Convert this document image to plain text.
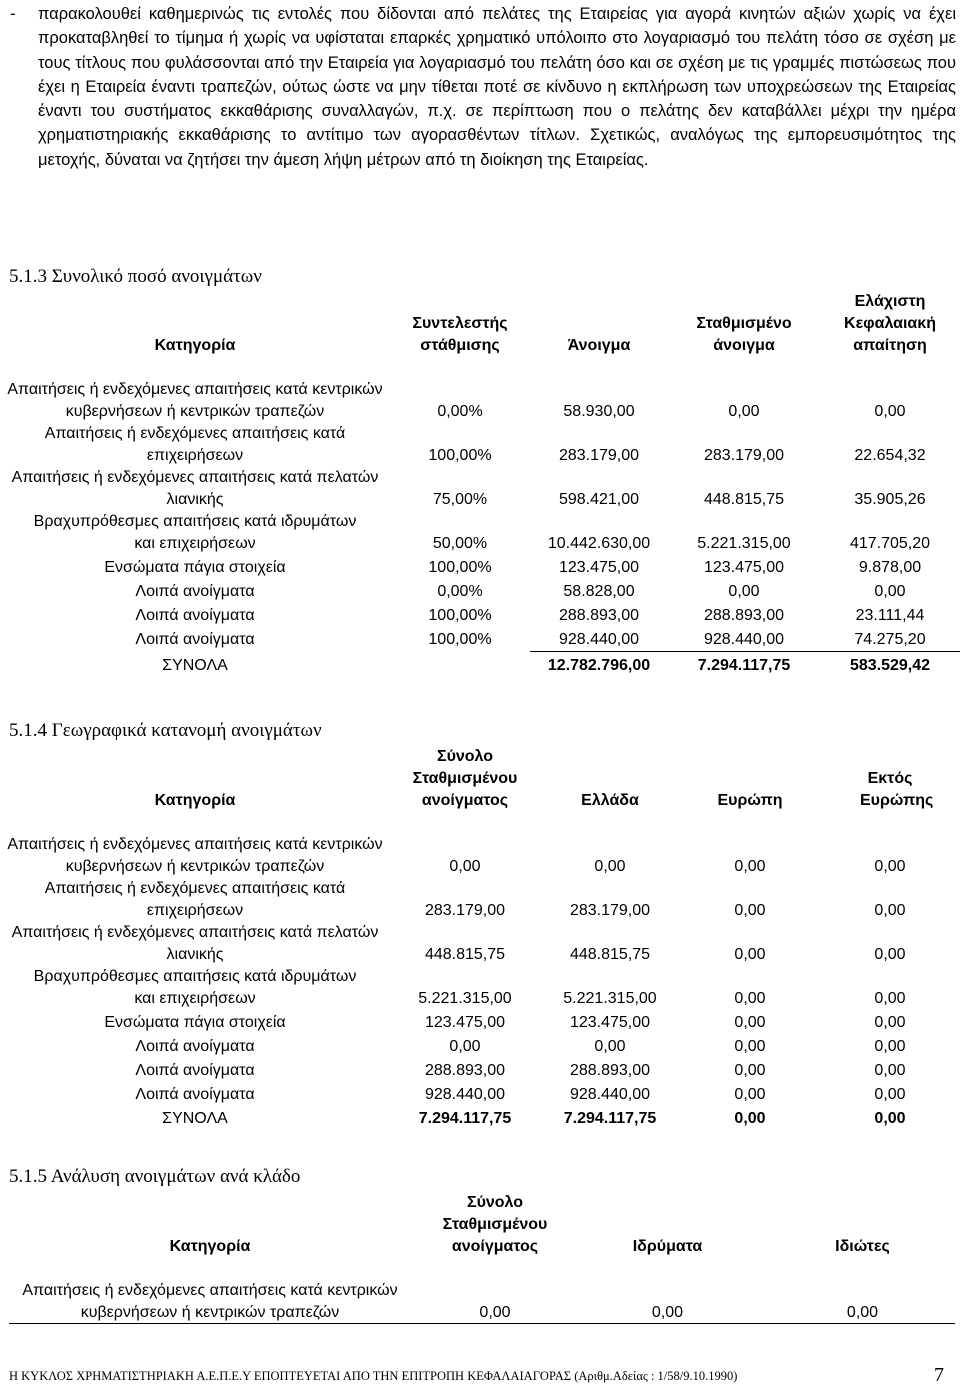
- παρακολουθεί καθημερινώς τις εντολές που δίδονται από πελάτες της Εταιρείας για αγορά κινητών αξιών χωρίς να έχει προκαταβληθεί το τίμημα ή χωρίς να υφίσταται επαρκές χρηματικό υπόλοιπο στο λογαριασμό του πελάτη τόσο σε σχέση με τους τίτλους που φυλάσσονται από την Εταιρεία για λογαριασμό του πελάτη όσο και σε σχέση με τις γραμμές πιστώσεως που έχει η Εταιρεία έναντι τραπεζών, ούτως ώστε να μην τίθεται ποτέ σε κίνδυνο η εκπλήρωση των υποχρεώσεων της Εταιρείας έναντι του συστήματος εκκαθάρισης συναλλαγών, π.χ. σε περίπτωση που ο πελάτης δεν καταβάλλει μέχρι την ημέρα χρηματιστηριακής εκκαθάρισης το αντίτιμο των αγορασθέντων τίτλων. Σχετικώς, αναλόγως της εμπορευσιμότητος της μετοχής, δύναται να ζητήσει την άμεση λήψη μέτρων από τη διοίκηση της Εταιρείας.
5.1.3 Συνολικό ποσό ανοιγμάτων
Κατηγορία	Συντελεστής στάθμισης	Άνοιγμα	Σταθμισμένο άνοιγμα	Ελάχιστη Κεφαλαιακή απαίτηση
Απαιτήσεις ή ενδεχόμενες απαιτήσεις κατά κεντρικών κυβερνήσεων ή κεντρικών τραπεζών	0,00%	58.930,00	0,00	0,00
Απαιτήσεις ή ενδεχόμενες απαιτήσεις κατά επιχειρήσεων	100,00%	283.179,00	283.179,00	22.654,32
Απαιτήσεις ή ενδεχόμενες απαιτήσεις κατά πελατών λιανικής	75,00%	598.421,00	448.815,75	35.905,26
Βραχυπρόθεσμες απαιτήσεις κατά ιδρυμάτων και επιχειρήσεων	50,00%	10.442.630,00	5.221.315,00	417.705,20
Ενσώματα πάγια στοιχεία	100,00%	123.475,00	123.475,00	9.878,00
Λοιπά ανοίγματα	0,00%	58.828,00	0,00	0,00
Λοιπά ανοίγματα	100,00%	288.893,00	288.893,00	23.111,44
Λοιπά ανοίγματα	100,00%	928.440,00	928.440,00	74.275,20
ΣΥΝΟΛΑ		12.782.796,00	7.294.117,75	583.529,42
5.1.4 Γεωγραφικά κατανομή ανοιγμάτων
Κατηγορία	Σύνολο Σταθμισμένου ανοίγματος	Ελλάδα	Ευρώπη	Εκτός Ευρώπης
Απαιτήσεις ή ενδεχόμενες απαιτήσεις κατά κεντρικών κυβερνήσεων ή κεντρικών τραπεζών	0,00	0,00	0,00	0,00
Απαιτήσεις ή ενδεχόμενες απαιτήσεις κατά επιχειρήσεων	283.179,00	283.179,00	0,00	0,00
Απαιτήσεις ή ενδεχόμενες απαιτήσεις κατά πελατών λιανικής	448.815,75	448.815,75	0,00	0,00
Βραχυπρόθεσμες απαιτήσεις κατά ιδρυμάτων και επιχειρήσεων	5.221.315,00	5.221.315,00	0,00	0,00
Ενσώματα πάγια στοιχεία	123.475,00	123.475,00	0,00	0,00
Λοιπά ανοίγματα	0,00	0,00	0,00	0,00
Λοιπά ανοίγματα	288.893,00	288.893,00	0,00	0,00
Λοιπά ανοίγματα	928.440,00	928.440,00	0,00	0,00
ΣΥΝΟΛΑ	7.294.117,75	7.294.117,75	0,00	0,00
5.1.5 Ανάλυση ανοιγμάτων ανά κλάδο
Κατηγορία	Σύνολο Σταθμισμένου ανοίγματος	Ιδρύματα	Ιδιώτες
Απαιτήσεις ή ενδεχόμενες απαιτήσεις κατά κεντρικών κυβερνήσεων ή κεντρικών τραπεζών	0,00	0,00	0,00
Η ΚΥΚΛΟΣ ΧΡΗΜΑΤΙΣΤΗΡΙΑΚΗ Α.Ε.Π.Ε.Υ ΕΠΟΠΤΕΥΕΤΑΙ ΑΠΟ ΤΗΝ ΕΠΙΤΡΟΠΗ ΚΕΦΑΛΑΙΑΓΟΡΑΣ (Αριθμ.Αδείας : 1/58/9.10.1990)	7
